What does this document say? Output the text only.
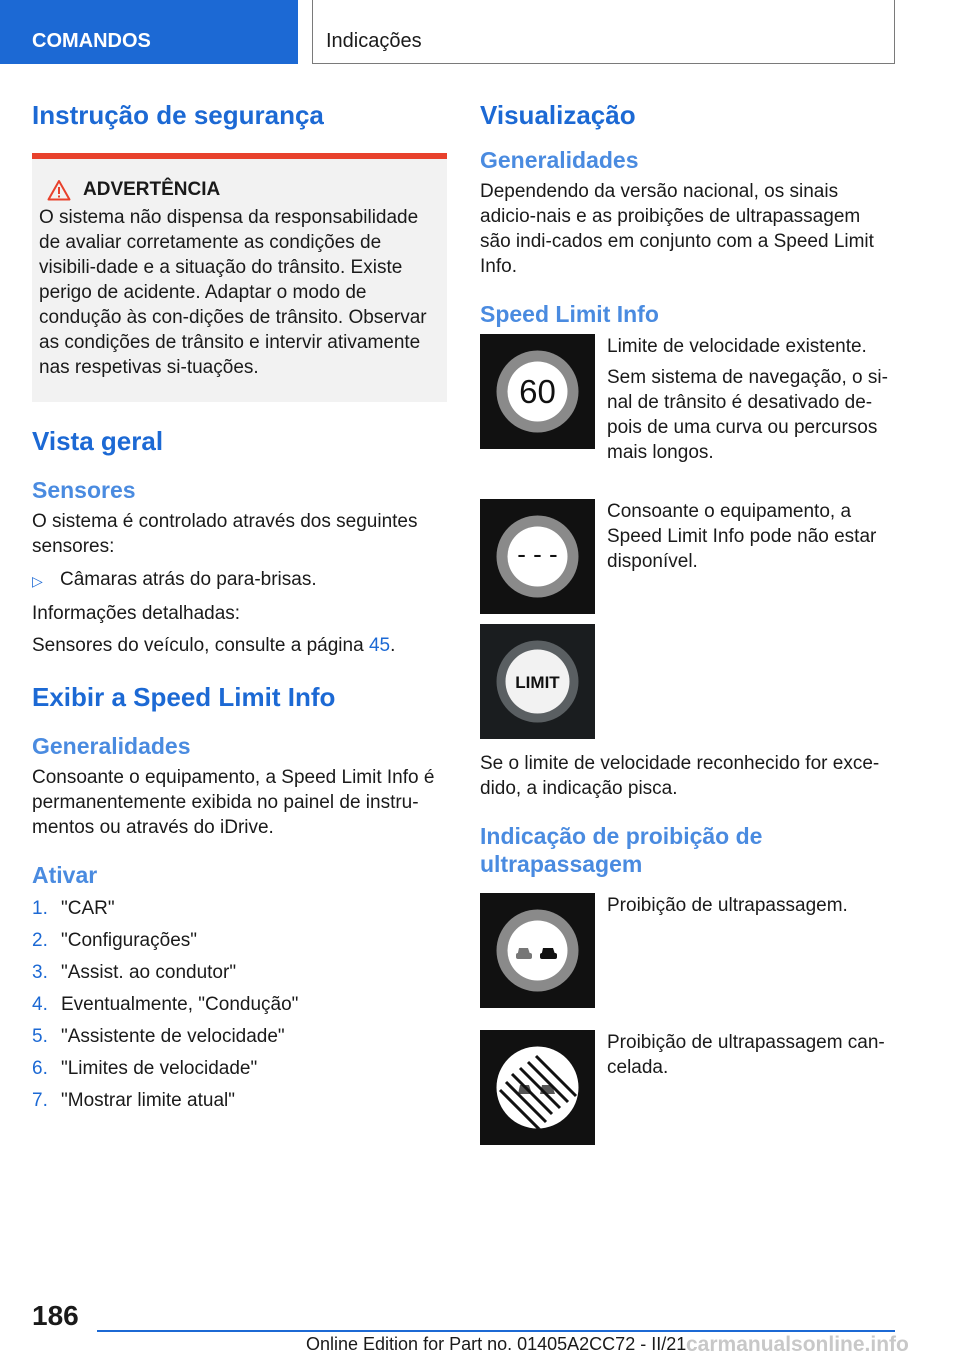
COMANDOS	Indicações
Instrução de segurança
ADVERTÊNCIA

O sistema não dispensa da responsabilidade de avaliar corretamente as condições de visibili-dade e a situação do trânsito. Existe perigo de acidente. Adaptar o modo de condução às con-dições de trânsito. Observar as condições de trânsito e intervir ativamente nas respetivas si-tuações.

Vista geral
Sensores

O sistema é controlado através dos seguintes sensores:

▷ Câmaras atrás do para-brisas.

Informações detalhadas:

Sensores do veículo, consulte a página 45.

Exibir a Speed Limit Info
Generalidades

Consoante o equipamento, a Speed Limit Info é permanentemente exibida no painel de instru-mentos ou através do iDrive.

Ativar
1. "CAR"
2. "Configurações"
3. "Assist. ao condutor"
4. Eventualmente, "Condução"
5. "Assistente de velocidade"
6. "Limites de velocidade"
7. "Mostrar limite atual"
Visualização
Generalidades

Dependendo da versão nacional, os sinais adicio-nais e as proibições de ultrapassagem são indi-cados em conjunto com a Speed Limit Info.

Speed Limit Info
60

Limite de velocidade existente.

Sem sistema de navegação, o si-nal de trânsito é desativado de-pois de uma curva ou percursos mais longos.

- - -

Consoante o equipamento, a Speed Limit Info pode não estar disponível.

LIMIT

Se o limite de velocidade reconhecido for exce-dido, a indicação pisca.

Indicação de proibição de ultrapassagem

Proibição de ultrapassagem.

Proibição de ultrapassagem can-celada.

186
Online Edition for Part no. 01405A2CC72 - II/21 carmanualsonline.info
